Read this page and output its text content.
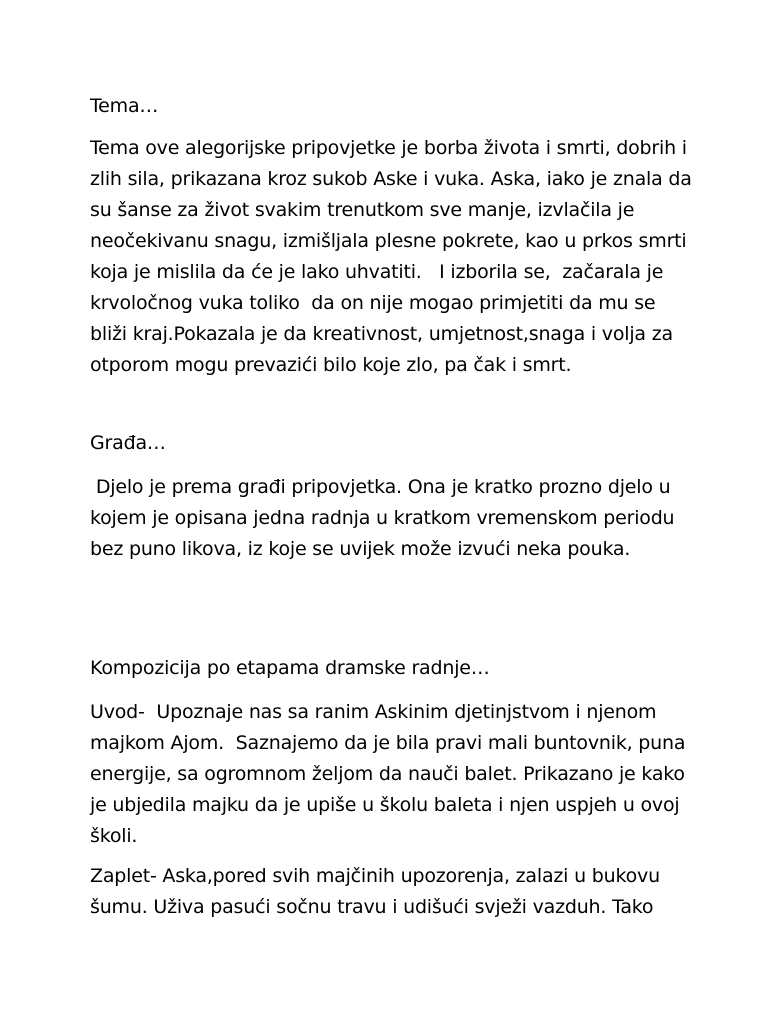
Tema…

Tema ove alegorijske pripovjetke je borba života i smrti, dobrih i
zlih sila, prikazana kroz sukob Aske i vuka. Aska, iako je znala da
su šanse za život svakim trenutkom sve manje, izvlačila je
neočekivanu snagu, izmišljala plesne pokrete, kao u prkos smrti
koja je mislila da će je lako uhvatiti.   I izborila se,  začarala je
krvoločnog vuka toliko  da on nije mogao primjetiti da mu se
bliži kraj.Pokazala je da kreativnost, umjetnost,snaga i volja za
otporom mogu prevazići bilo koje zlo, pa čak i smrt.

Građa…

Djelo je prema građi pripovjetka. Ona je kratko prozno djelo u
kojem je opisana jedna radnja u kratkom vremenskom periodu
bez puno likova, iz koje se uvijek može izvući neka pouka.

Kompozicija po etapama dramske radnje…

Uvod-  Upoznaje nas sa ranim Askinim djetinjstvom i njenom
majkom Ajom.  Saznajemo da je bila pravi mali buntovnik, puna
energije, sa ogromnom željom da nauči balet. Prikazano je kako
je ubjedila majku da je upiše u školu baleta i njen uspjeh u ovoj
školi.

Zaplet- Aska,pored svih majčinih upozorenja, zalazi u bukovu
šumu. Uživa pasući sočnu travu i udišući svježi vazduh. Tako
